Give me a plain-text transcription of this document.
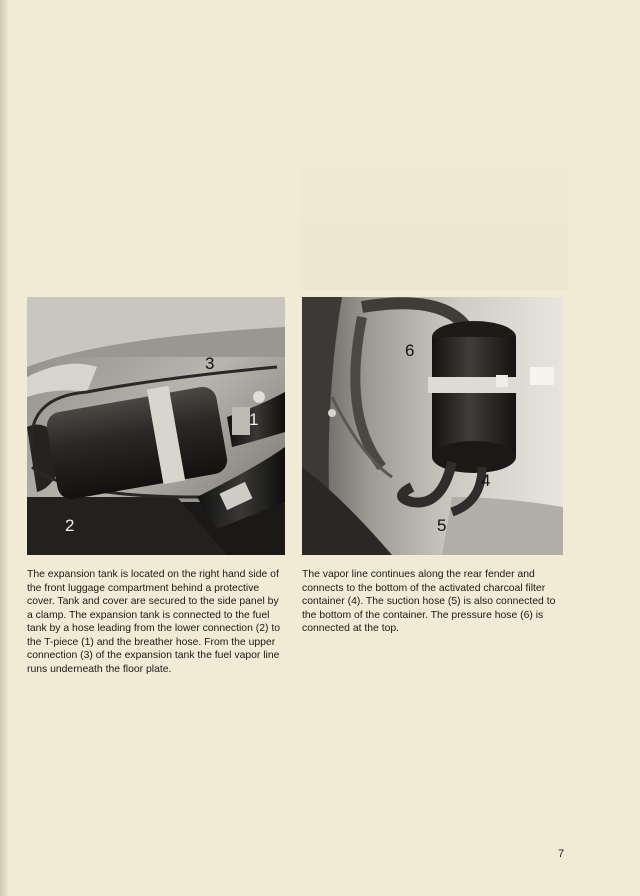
3
1
2
6
4
5
The expansion tank is located on the right hand side of the front luggage compartment behind a protective cover. Tank and cover are secured to the side panel by a clamp. The expansion tank is connected to the fuel tank by a hose leading from the lower connection (2) to the T-piece (1) and the breather hose. From the upper connection (3) of the expansion tank the fuel vapor line runs underneath the floor plate.
The vapor line continues along the rear fender and connects to the bottom of the activated charcoal filter container (4). The suction hose (5) is also connected to the bottom of the container. The pressure hose (6) is connected at the top.
7
